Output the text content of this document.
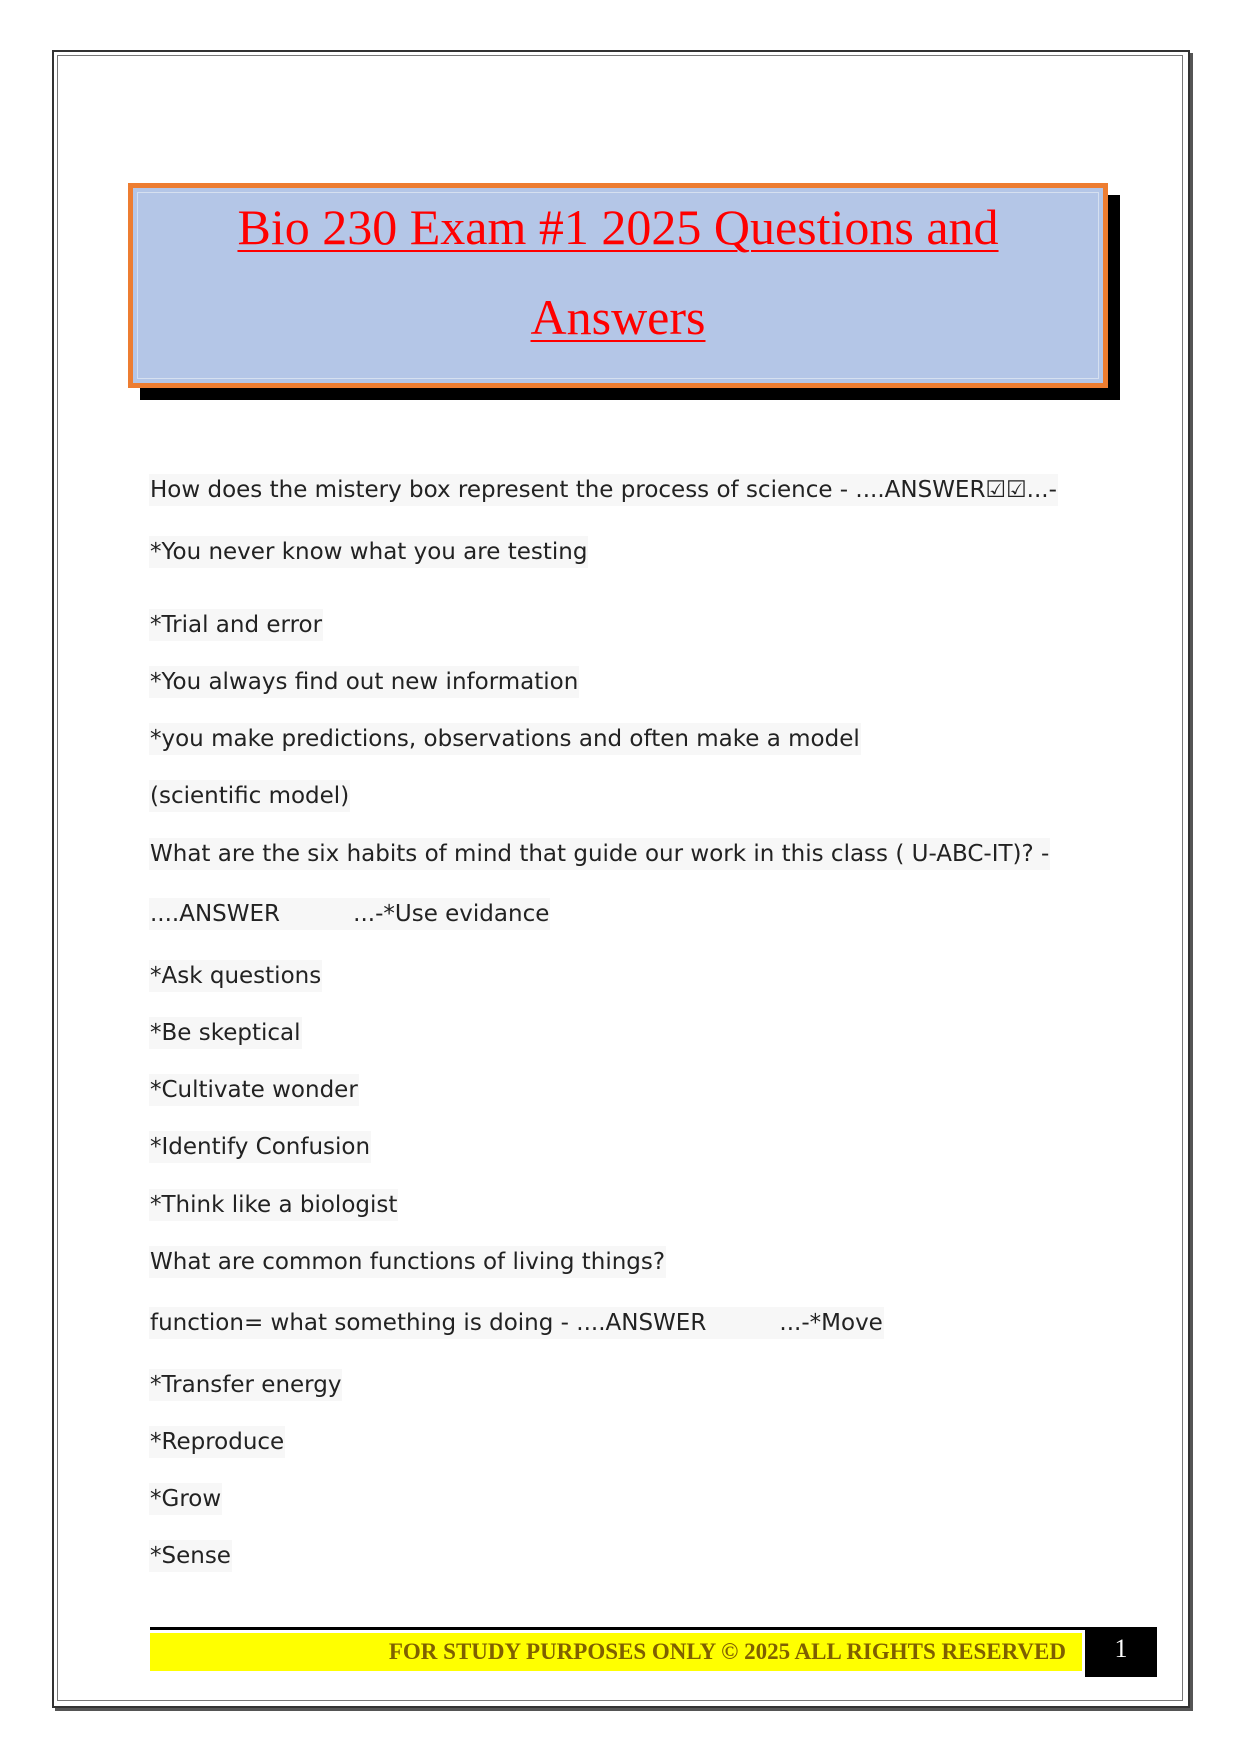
Bio 230 Exam #1 2025 Questions and
Answers
How does the mistery box represent the process of science - ....ANSWER☑☑...-
*You never know what you are testing
*Trial and error
*You always find out new information
*you make predictions, observations and often make a model
(scientific model)
What are the six habits of mind that guide our work in this class ( U-ABC-IT)? -
....ANSWER          ...-*Use evidance
*Ask questions
*Be skeptical
*Cultivate wonder
*Identify Confusion
*Think like a biologist
What are common functions of living things?
function= what something is doing - ....ANSWER          ...-*Move
*Transfer energy
*Reproduce
*Grow
*Sense
FOR STUDY PURPOSES ONLY © 2025 ALL RIGHTS RESERVED	1
